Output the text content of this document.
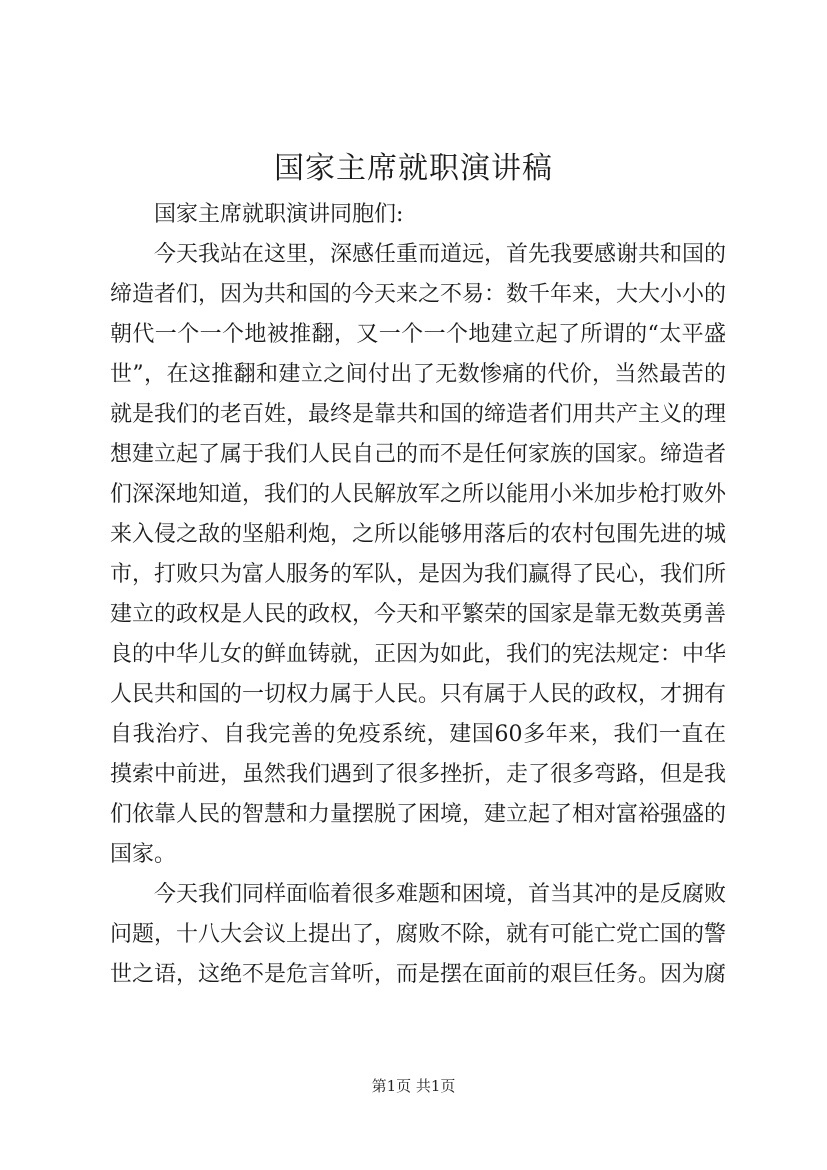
国家主席就职演讲稿

国家主席就职演讲同胞们:

今天我站在这里，深感任重而道远，首先我要感谢共和国的缔造者们，因为共和国的今天来之不易：数千年来，大大小小的朝代一个一个地被推翻，又一个一个地建立起了所谓的“太平盛世”，在这推翻和建立之间付出了无数惨痛的代价，当然最苦的就是我们的老百姓，最终是靠共和国的缔造者们用共产主义的理想建立起了属于我们人民自己的而不是任何家族的国家。缔造者们深深地知道，我们的人民解放军之所以能用小米加步枪打败外来入侵之敌的坚船利炮，之所以能够用落后的农村包围先进的城市，打败只为富人服务的军队，是因为我们赢得了民心，我们所建立的政权是人民的政权，今天和平繁荣的国家是靠无数英勇善良的中华儿女的鲜血铸就，正因为如此，我们的宪法规定：中华人民共和国的一切权力属于人民。只有属于人民的政权，才拥有自我治疗、自我完善的免疫系统，建国60多年来，我们一直在摸索中前进，虽然我们遇到了很多挫折，走了很多弯路，但是我们依靠人民的智慧和力量摆脱了困境，建立起了相对富裕强盛的国家。

今天我们同样面临着很多难题和困境，首当其冲的是反腐败问题，十八大会议上提出了，腐败不除，就有可能亡党亡国的警世之语，这绝不是危言耸听，而是摆在面前的艰巨任务。因为腐

第1页 共1页
